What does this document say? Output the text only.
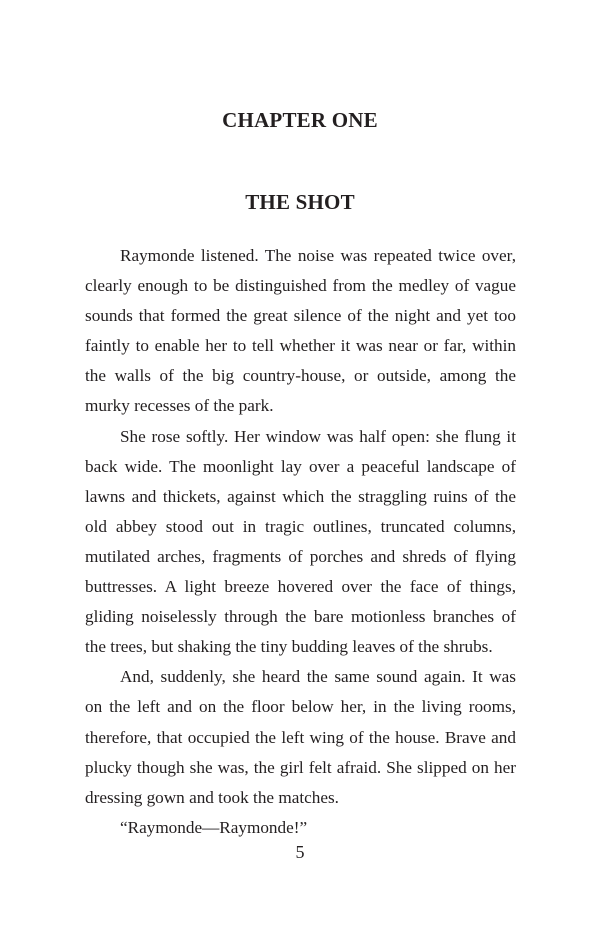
CHAPTER ONE
THE SHOT

Raymonde listened. The noise was repeated twice over, clearly enough to be distinguished from the medley of vague sounds that formed the great silence of the night and yet too faintly to enable her to tell whether it was near or far, within the walls of the big country-house, or outside, among the murky recesses of the park.

She rose softly. Her window was half open: she flung it back wide. The moonlight lay over a peaceful landscape of lawns and thickets, against which the straggling ruins of the old abbey stood out in tragic outlines, truncated columns, mutilated arches, fragments of porches and shreds of flying buttresses. A light breeze hovered over the face of things, gliding noiselessly through the bare motionless branches of the trees, but shaking the tiny budding leaves of the shrubs.

And, suddenly, she heard the same sound again. It was on the left and on the floor below her, in the living rooms, therefore, that occupied the left wing of the house. Brave and plucky though she was, the girl felt afraid. She slipped on her dressing gown and took the matches.

“Raymonde—Raymonde!”

5
